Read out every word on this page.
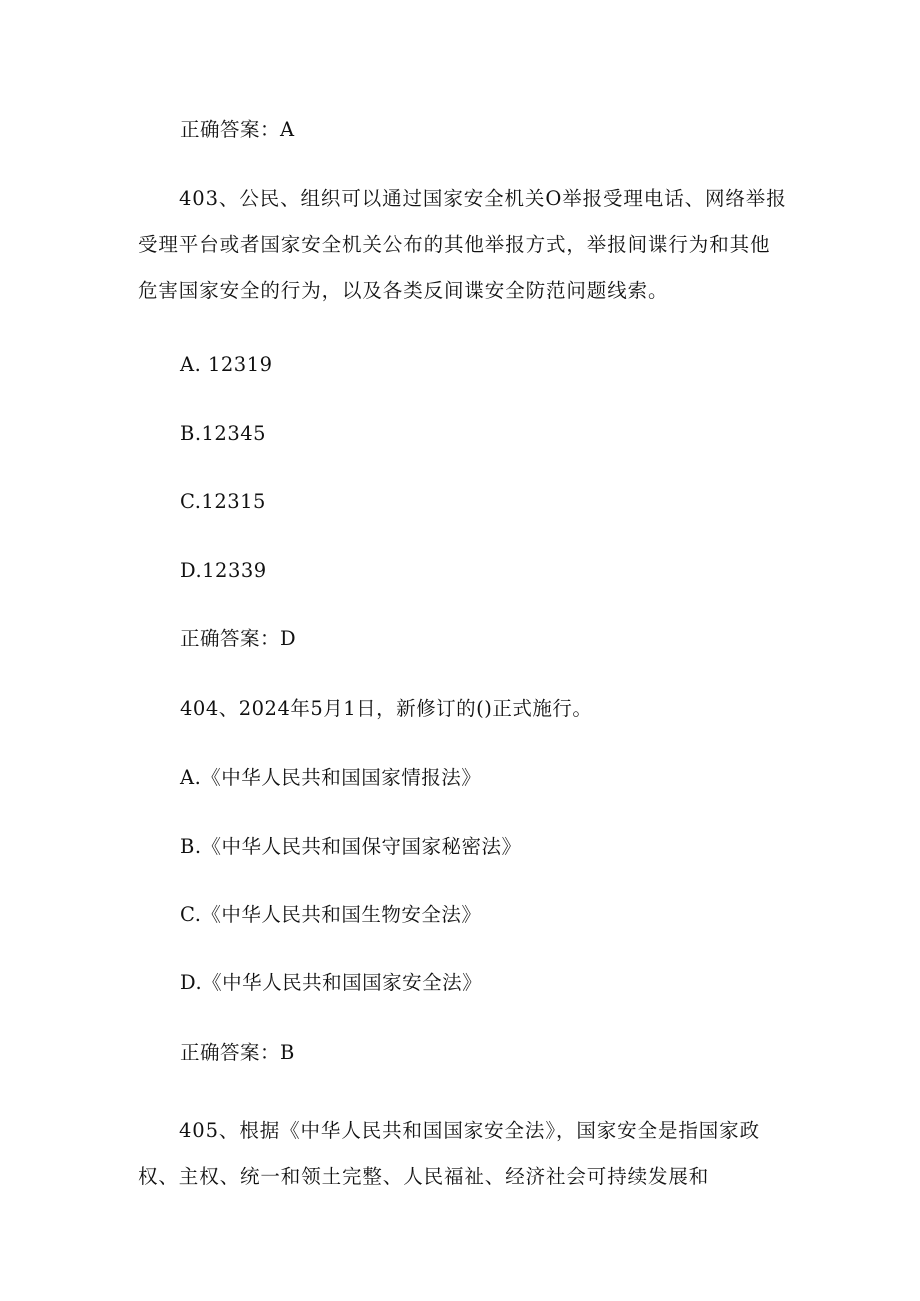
正确答案：A

403、公民、组织可以通过国家安全机关O举报受理电话、网络举报受理平台或者国家安全机关公布的其他举报方式，举报间谍行为和其他危害国家安全的行为，以及各类反间谍安全防范问题线索。

A. 12319
B.12345
C.12315
D.12339
正确答案：D
404、2024年5月1日，新修订的()正式施行。
A.《中华人民共和国国家情报法》
B.《中华人民共和国保守国家秘密法》
C.《中华人民共和国生物安全法》
D.《中华人民共和国国家安全法》
正确答案：B

405、根据《中华人民共和国国家安全法》，国家安全是指国家政权、主权、统一和领土完整、人民福祉、经济社会可持续发展和
